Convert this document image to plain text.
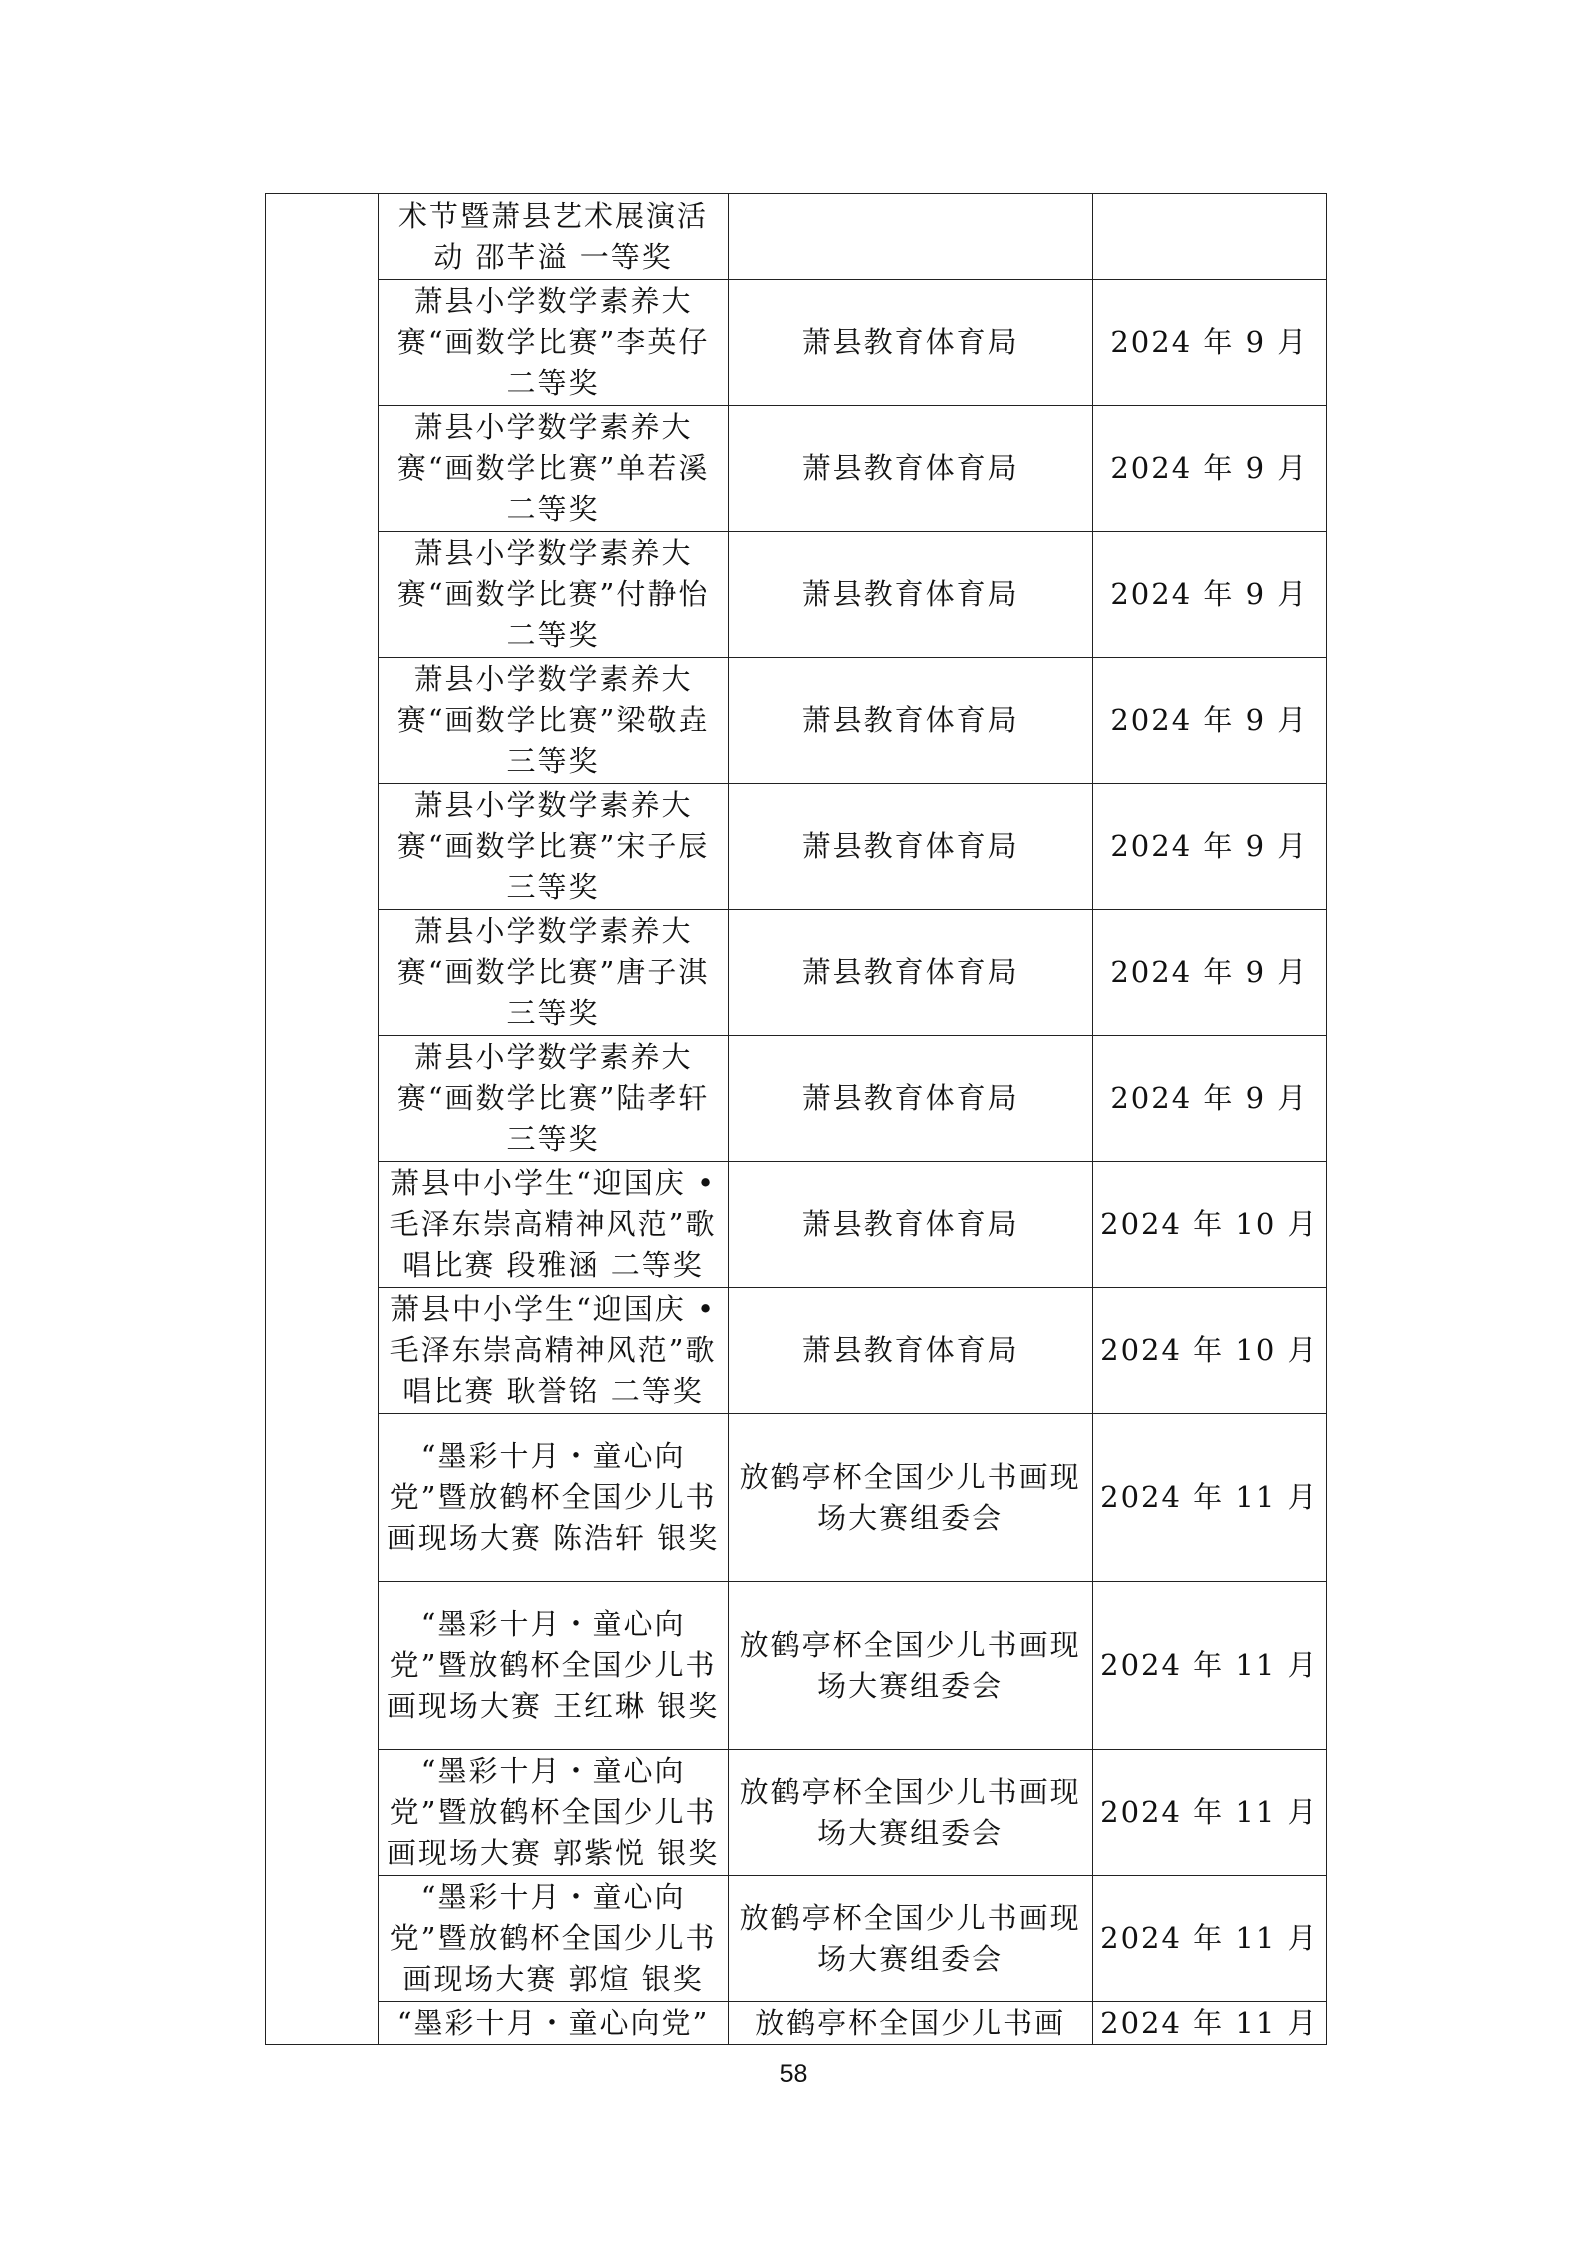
	术节暨萧县艺术展演活动 邵芊溢 一等奖		
	萧县小学数学素养大赛“画数学比赛”李英仔二等奖	萧县教育体育局	2024 年 9 月
	萧县小学数学素养大赛“画数学比赛”单若溪二等奖	萧县教育体育局	2024 年 9 月
	萧县小学数学素养大赛“画数学比赛”付静怡二等奖	萧县教育体育局	2024 年 9 月
	萧县小学数学素养大赛“画数学比赛”梁敬垚三等奖	萧县教育体育局	2024 年 9 月
	萧县小学数学素养大赛“画数学比赛”宋子辰三等奖	萧县教育体育局	2024 年 9 月
	萧县小学数学素养大赛“画数学比赛”唐子淇三等奖	萧县教育体育局	2024 年 9 月
	萧县小学数学素养大赛“画数学比赛”陆孝轩三等奖	萧县教育体育局	2024 年 9 月
	萧县中小学生“迎国庆 •毛泽东崇高精神风范”歌唱比赛 段雅涵 二等奖	萧县教育体育局	2024 年 10 月
	萧县中小学生“迎国庆 •毛泽东崇高精神风范”歌唱比赛 耿誉铭 二等奖	萧县教育体育局	2024 年 10 月
	“墨彩十月・童心向党”暨放鹤杯全国少儿书画现场大赛 陈浩轩 银奖	放鹤亭杯全国少儿书画现场大赛组委会	2024 年 11 月
	“墨彩十月・童心向党”暨放鹤杯全国少儿书画现场大赛 王红琳 银奖	放鹤亭杯全国少儿书画现场大赛组委会	2024 年 11 月
	“墨彩十月・童心向党”暨放鹤杯全国少儿书画现场大赛 郭紫悦 银奖	放鹤亭杯全国少儿书画现场大赛组委会	2024 年 11 月
	“墨彩十月・童心向党”暨放鹤杯全国少儿书画现场大赛 郭煊 银奖	放鹤亭杯全国少儿书画现场大赛组委会	2024 年 11 月
	“墨彩十月・童心向党”	放鹤亭杯全国少儿书画	2024 年 11 月
58
